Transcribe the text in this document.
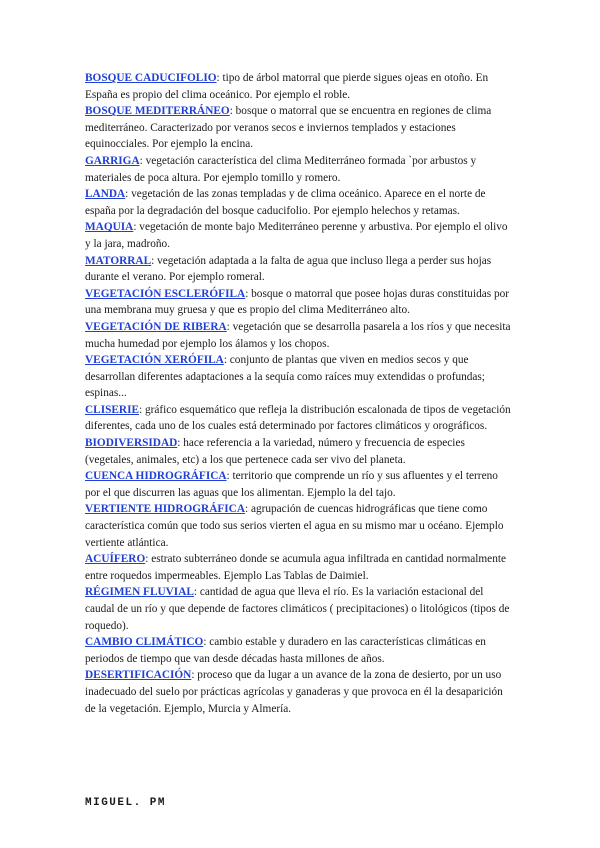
BOSQUE CADUCIFOLIO: tipo de árbol matorral que pierde sigues ojeas en otoño. En España es propio del clima oceánico. Por ejemplo el roble.

BOSQUE MEDITERRÁNEO: bosque o matorral que se encuentra en regiones de clima mediterráneo. Caracterizado por veranos secos e inviernos templados y estaciones equinocciales. Por ejemplo la encina.

GARRIGA: vegetación característica del clima Mediterráneo formada `por arbustos y materiales de poca altura. Por ejemplo tomillo y romero.

LANDA: vegetación de las zonas templadas y de clima oceánico. Aparece en el norte de españa por la degradación del bosque caducifolio. Por ejemplo helechos y retamas.

MAQUIA: vegetación de monte bajo Mediterráneo perenne y arbustiva. Por ejemplo el olivo y la jara, madroño.

MATORRAL: vegetación adaptada a la falta de agua que incluso llega a perder sus hojas durante el verano. Por ejemplo romeral.

VEGETACIÓN ESCLERÓFILA: bosque o matorral que posee hojas duras constituidas por una membrana muy gruesa y que es propio del clima Mediterráneo alto.

VEGETACIÓN DE RIBERA: vegetación que se desarrolla pasarela a los ríos y que necesita mucha humedad por ejemplo los álamos y los chopos.

VEGETACIÓN XERÓFILA: conjunto de plantas que viven en medios secos y que desarrollan diferentes adaptaciones a la sequía como raíces muy extendidas o profundas; espinas...

CLISERIE: gráfico esquemático que refleja la distribución escalonada de tipos de vegetación diferentes, cada uno de los cuales está determinado por factores climáticos y orográficos.

BIODIVERSIDAD: hace referencia a la variedad, número y frecuencia de especies (vegetales, animales, etc) a los que pertenece cada ser vivo del planeta.

CUENCA HIDROGRÁFICA: territorio que comprende un río y sus afluentes y el terreno por el que discurren las aguas que los alimentan. Ejemplo la del tajo.

VERTIENTE HIDROGRÁFICA: agrupación de cuencas hidrográficas que tiene como característica común que todo sus serios vierten el agua en su mismo mar u océano. Ejemplo vertiente atlántica.

ACUÍFERO: estrato subterráneo donde se acumula agua infiltrada en cantidad normalmente entre roquedos impermeables. Ejemplo Las Tablas de Daimiel.

RÉGIMEN FLUVIAL: cantidad de agua que lleva el río. Es la variación estacional del caudal de un río y que depende de factores climáticos ( precipitaciones) o litológicos (tipos de roquedo).

CAMBIO CLIMÁTICO: cambio estable y duradero en las características climáticas en periodos de tiempo que van desde décadas hasta millones de años.

DESERTIFICACIÓN: proceso que da lugar a un avance de la zona de desierto, por un uso inadecuado del suelo por prácticas agrícolas y ganaderas y que provoca en él la desaparición de la vegetación. Ejemplo, Murcia y Almería.

MIGUEL. PM
